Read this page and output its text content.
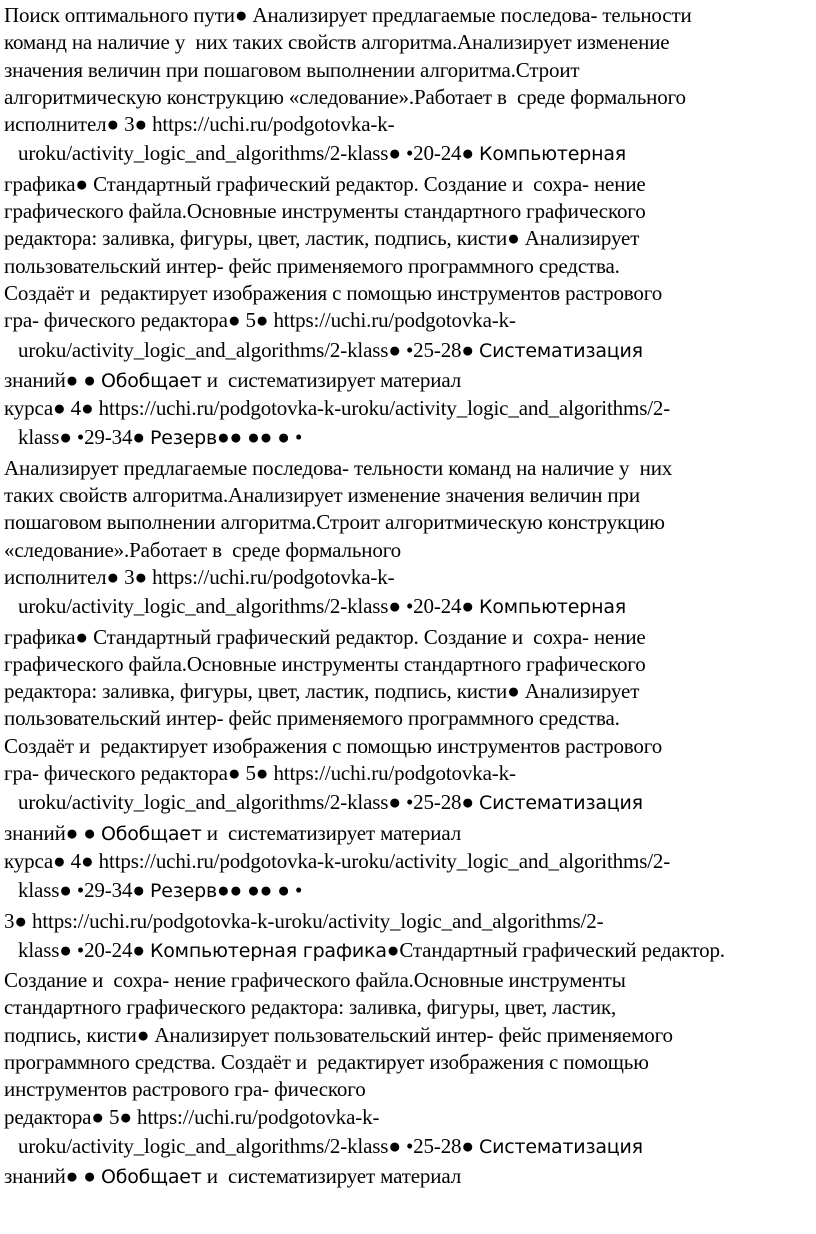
Поиск оптимального пути● Анализирует предлагаемые последова- тельности
команд на наличие у  них таких свойств алгоритма.Анализирует изменение
значения величин при пошаговом выполнении алгоритма.Строит
алгоритмическую конструкцию «следование».Работает в  среде формального
исполнител● 3● https://uchi.ru/podgotovka-k-
uroku/activity_logic_and_algorithms/2-klass● •20-24● Компьютерная
графика● Стандартный графический редактор. Создание и  сохра- нение
графического файла.Основные инструменты стандартного графического
редактора: заливка, фигуры, цвет, ластик, подпись, кисти● Анализирует
пользовательский интер- фейс применяемого программного средства.
Создаёт и  редактирует изображения с помощью инструментов растрового
гра- фического редактора● 5● https://uchi.ru/podgotovka-k-
uroku/activity_logic_and_algorithms/2-klass● •25-28● Систематизация
знаний● ● Обобщает и  систематизирует материал
курса● 4● https://uchi.ru/podgotovka-k-uroku/activity_logic_and_algorithms/2-
klass● •29-34● Резерв●● ●● ● •
Анализирует предлагаемые последова- тельности команд на наличие у  них
таких свойств алгоритма.Анализирует изменение значения величин при
пошаговом выполнении алгоритма.Строит алгоритмическую конструкцию
«следование».Работает в  среде формального
исполнител● 3● https://uchi.ru/podgotovka-k-
uroku/activity_logic_and_algorithms/2-klass● •20-24● Компьютерная
графика● Стандартный графический редактор. Создание и  сохра- нение
графического файла.Основные инструменты стандартного графического
редактора: заливка, фигуры, цвет, ластик, подпись, кисти● Анализирует
пользовательский интер- фейс применяемого программного средства.
Создаёт и  редактирует изображения с помощью инструментов растрового
гра- фического редактора● 5● https://uchi.ru/podgotovka-k-
uroku/activity_logic_and_algorithms/2-klass● •25-28● Систематизация
знаний● ● Обобщает и  систематизирует материал
курса● 4● https://uchi.ru/podgotovka-k-uroku/activity_logic_and_algorithms/2-
klass● •29-34● Резерв●● ●● ● •
3● https://uchi.ru/podgotovka-k-uroku/activity_logic_and_algorithms/2-
klass● •20-24● Компьютерная графика●Стандартный графический редактор.
Создание и  сохра- нение графического файла.Основные инструменты
стандартного графического редактора: заливка, фигуры, цвет, ластик,
подпись, кисти● Анализирует пользовательский интер- фейс применяемого
программного средства. Создаёт и  редактирует изображения с помощью
инструментов растрового гра- фического
редактора● 5● https://uchi.ru/podgotovka-k-
uroku/activity_logic_and_algorithms/2-klass● •25-28● Систематизация
знаний● ● Обобщает и  систематизирует материал
